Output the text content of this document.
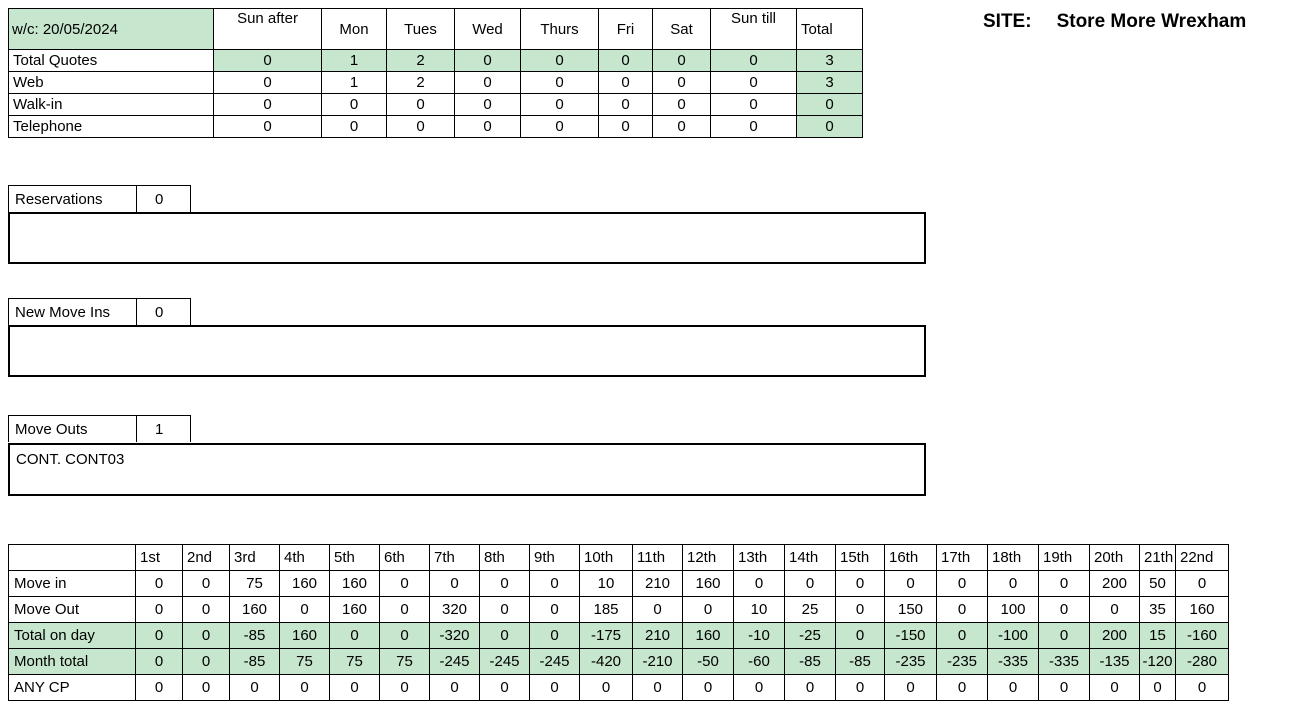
w/c: 20/05/2024	Sun after	Mon	Tues	Wed	Thurs	Fri	Sat	Sun till	Total
Total Quotes	0	1	2	0	0	0	0	0	3
Web	0	1	2	0	0	0	0	0	3
Walk-in	0	0	0	0	0	0	0	0	0
Telephone	0	0	0	0	0	0	0	0	0
SITE: Store More Wrexham
Reservations	0
New Move Ins	0
Move Outs	1
CONT. CONT03
	1st	2nd	3rd	4th	5th	6th	7th	8th	9th	10th	11th	12th	13th	14th	15th	16th	17th	18th	19th	20th	21th	22nd
Move in	0	0	75	160	160	0	0	0	0	10	210	160	0	0	0	0	0	0	0	200	50	0
Move Out	0	0	160	0	160	0	320	0	0	185	0	0	10	25	0	150	0	100	0	0	35	160
Total on day	0	0	-85	160	0	0	-320	0	0	-175	210	160	-10	-25	0	-150	0	-100	0	200	15	-160
Month total	0	0	-85	75	75	75	-245	-245	-245	-420	-210	-50	-60	-85	-85	-235	-235	-335	-335	-135	-120	-280
ANY CP	0	0	0	0	0	0	0	0	0	0	0	0	0	0	0	0	0	0	0	0	0	0
